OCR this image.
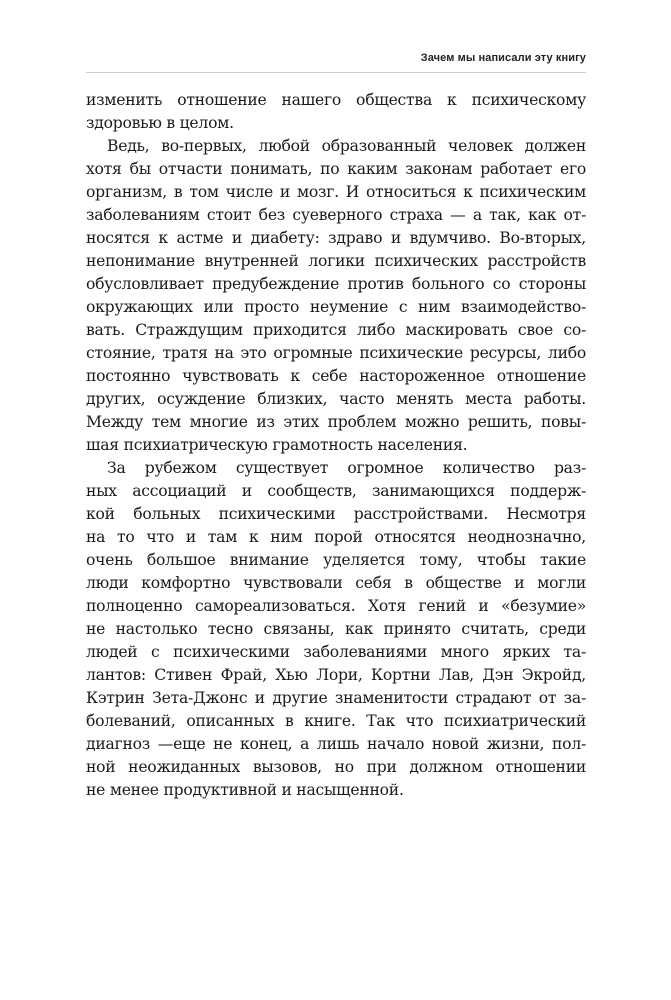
Зачем мы написали эту книгу
изменить отношение нашего общества к психическому
здоровью в целом.
Ведь, во-первых, любой образованный человек должен
хотя бы отчасти понимать, по каким законам работает его
организм, в том числе и мозг. И относиться к психическим
заболеваниям стоит без суеверного страха — а так, как от-
носятся к астме и диабету: здраво и вдумчиво. Во-вторых,
непонимание внутренней логики психических расстройств
обусловливает предубеждение против больного со стороны
окружающих или просто неумение с ним взаимодейство-
вать. Страждущим приходится либо маскировать свое со-
стояние, тратя на это огромные психические ресурсы, либо
постоянно чувствовать к себе настороженное отношение
других, осуждение близких, часто менять места работы.
Между тем многие из этих проблем можно решить, повы-
шая психиатрическую грамотность населения.
За рубежом существует огромное количество раз-
ных ассоциаций и сообществ, занимающихся поддерж-
кой больных психическими расстройствами. Несмотря
на то что и там к ним порой относятся неоднозначно,
очень большое внимание уделяется тому, чтобы такие
люди комфортно чувствовали себя в обществе и могли
полноценно самореализоваться. Хотя гений и «безумие»
не настолько тесно связаны, как принято считать, среди
людей с психическими заболеваниями много ярких та-
лантов: Стивен Фрай, Хью Лори, Кортни Лав, Дэн Экройд,
Кэтрин Зета-Джонс и другие знаменитости страдают от за-
болеваний, описанных в книге. Так что психиатрический
диагноз —еще не конец, а лишь начало новой жизни, пол-
ной неожиданных вызовов, но при должном отношении
не менее продуктивной и насыщенной.
